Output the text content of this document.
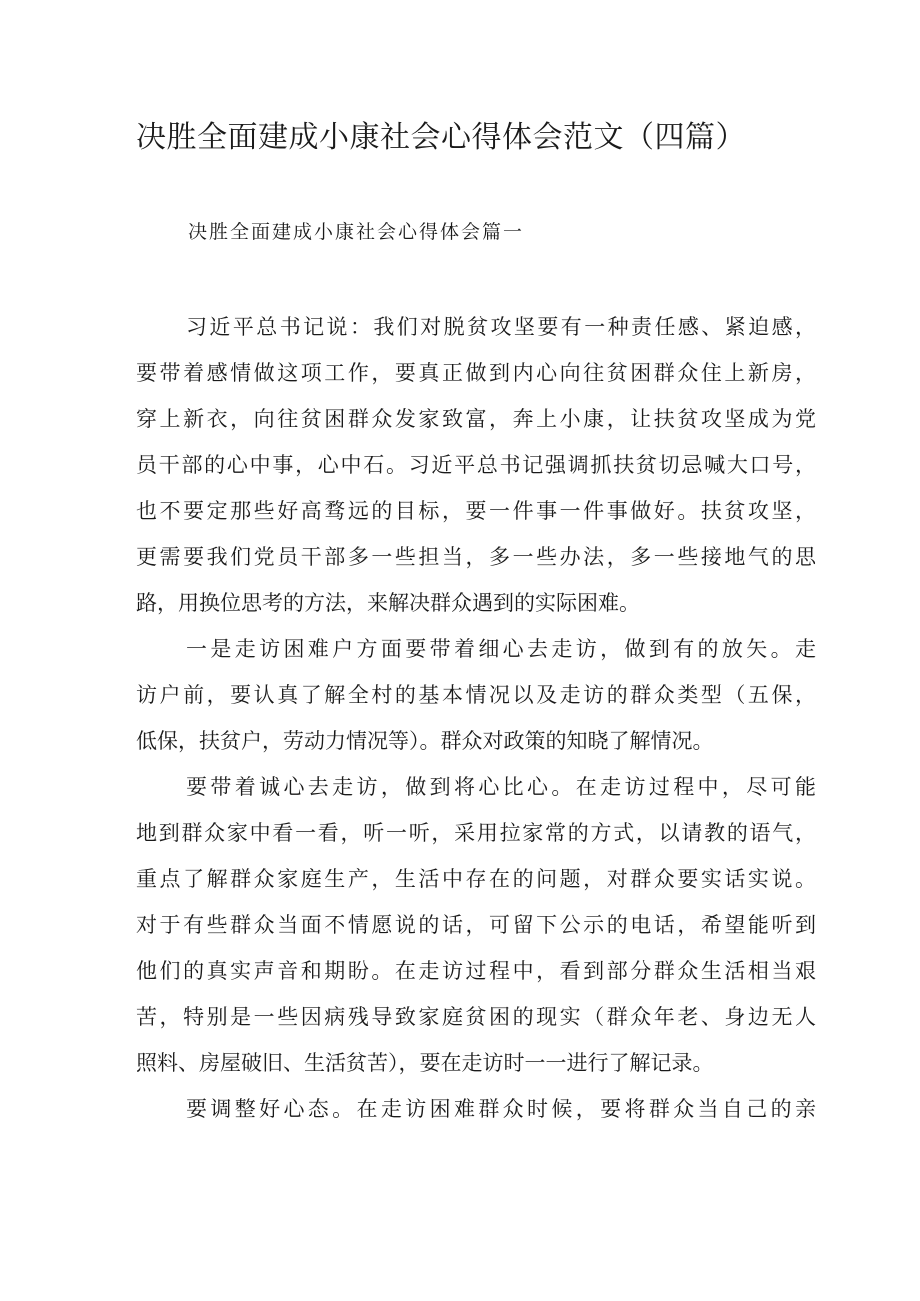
决胜全面建成小康社会心得体会范文（四篇）
决胜全面建成小康社会心得体会篇一

习近平总书记说：我们对脱贫攻坚要有一种责任感、紧迫感，

要带着感情做这项工作，要真正做到内心向往贫困群众住上新房，

穿上新衣，向往贫困群众发家致富，奔上小康，让扶贫攻坚成为党

员干部的心中事，心中石。习近平总书记强调抓扶贫切忌喊大口号，

也不要定那些好高骛远的目标，要一件事一件事做好。扶贫攻坚，

更需要我们党员干部多一些担当，多一些办法，多一些接地气的思

路，用换位思考的方法，来解决群众遇到的实际困难。

一是走访困难户方面要带着细心去走访，做到有的放矢。走

访户前，要认真了解全村的基本情况以及走访的群众类型（五保，

低保，扶贫户，劳动力情况等）。群众对政策的知晓了解情况。

要带着诚心去走访，做到将心比心。在走访过程中，尽可能

地到群众家中看一看，听一听，采用拉家常的方式，以请教的语气，

重点了解群众家庭生产，生活中存在的问题，对群众要实话实说。

对于有些群众当面不情愿说的话，可留下公示的电话，希望能听到

他们的真实声音和期盼。在走访过程中，看到部分群众生活相当艰

苦，特别是一些因病残导致家庭贫困的现实（群众年老、身边无人

照料、房屋破旧、生活贫苦），要在走访时一一进行了解记录。

要调整好心态。在走访困难群众时候，要将群众当自己的亲
